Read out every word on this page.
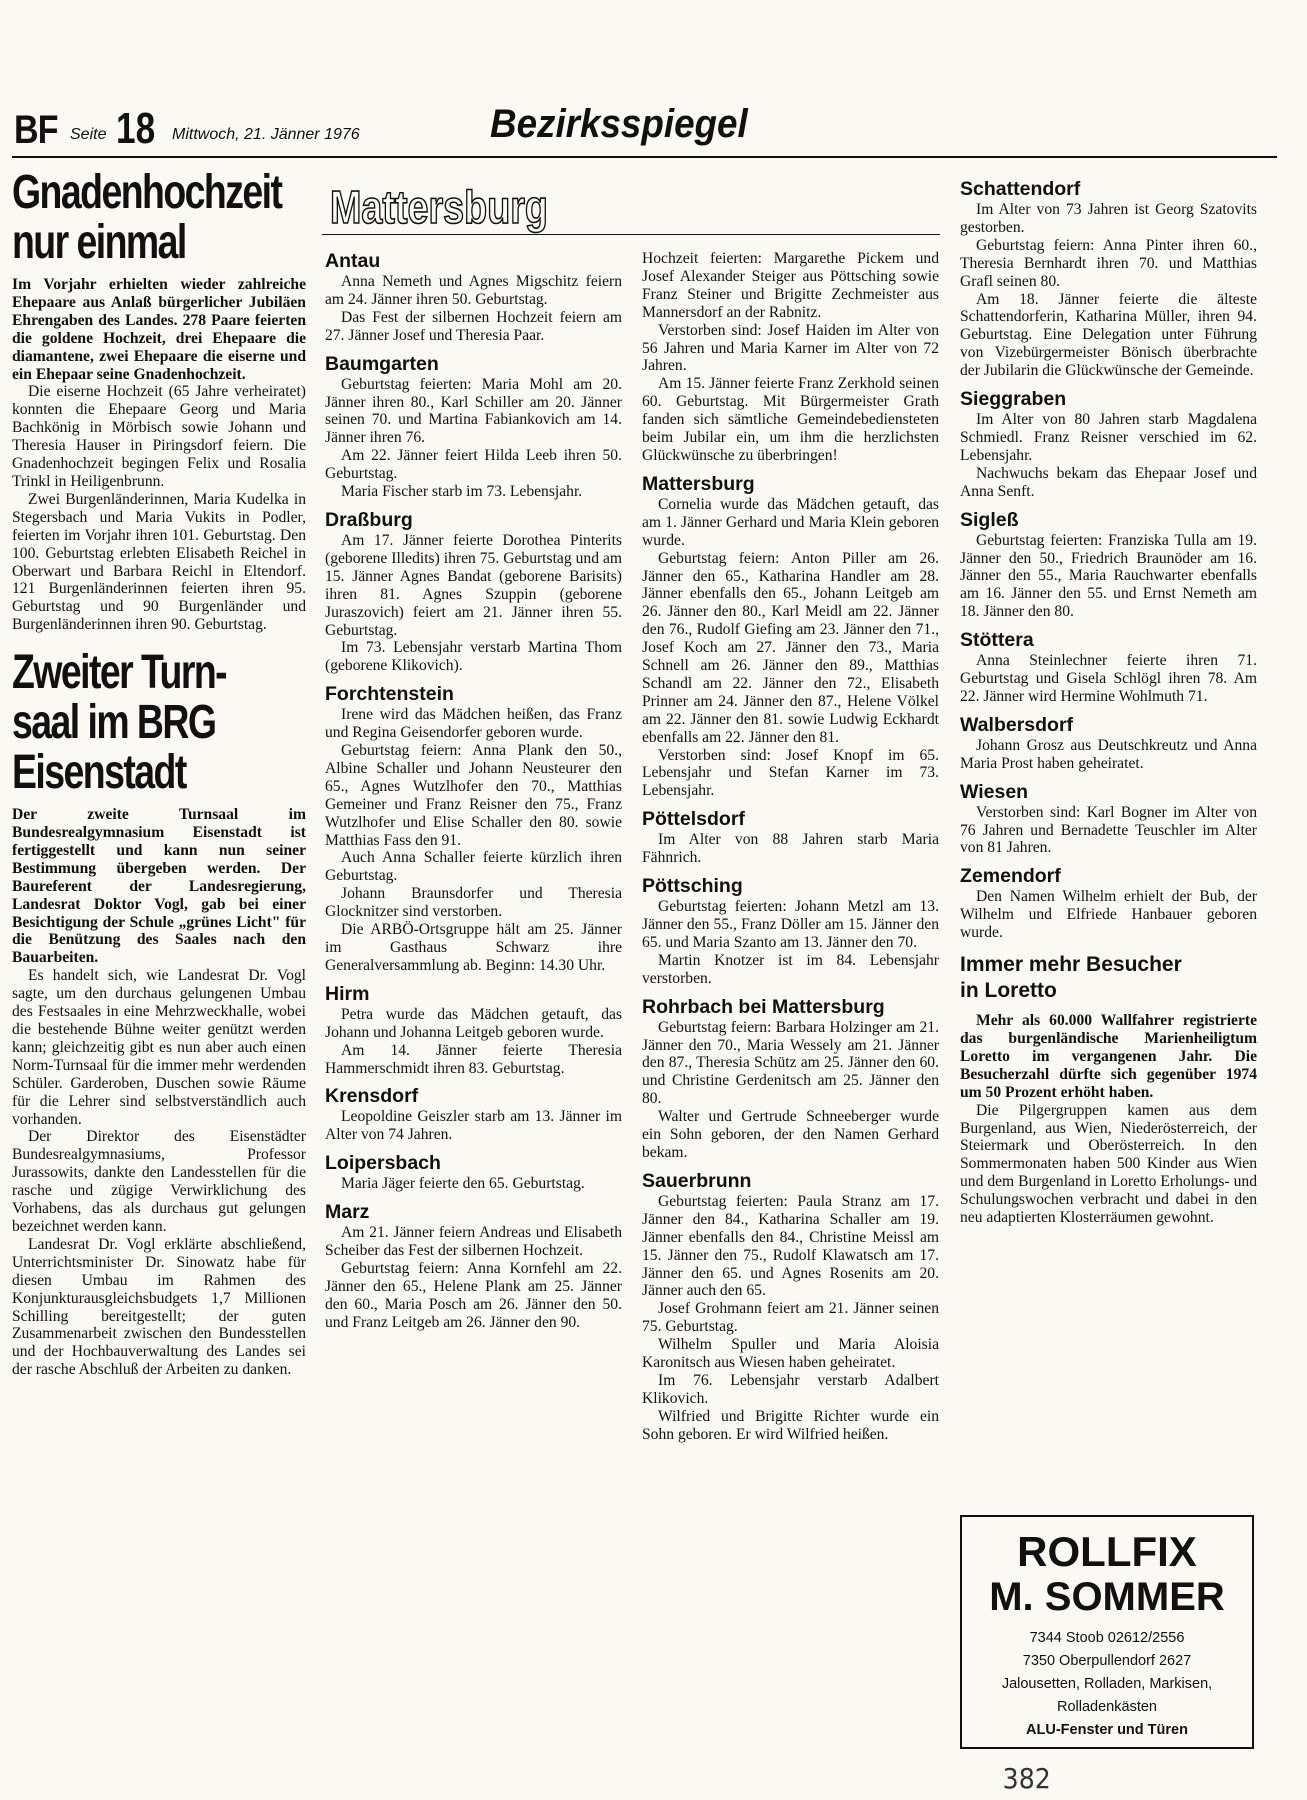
BF Seite 18 Mittwoch, 21. Jänner 1976	Bezirksspiegel
Gnadenhochzeit
nur einmal

Im Vorjahr erhielten wieder zahlreiche Ehepaare aus Anlaß bürgerlicher Jubiläen Ehrengaben des Landes. 278 Paare feierten die goldene Hochzeit, drei Ehepaare die diamantene, zwei Ehepaare die eiserne und ein Ehepaar seine Gnadenhochzeit.

Die eiserne Hochzeit (65 Jahre verheiratet) konnten die Ehepaare Georg und Maria Bachkönig in Mörbisch sowie Johann und Theresia Hauser in Piringsdorf feiern. Die Gnadenhochzeit begingen Felix und Rosalia Trinkl in Heiligenbrunn.

Zwei Burgenländerinnen, Maria Kudelka in Stegersbach und Maria Vukits in Podler, feierten im Vorjahr ihren 101. Geburtstag. Den 100. Geburtstag erlebten Elisabeth Reichel in Oberwart und Barbara Reichl in Eltendorf. 121 Burgenländerinnen feierten ihren 95. Geburtstag und 90 Burgenländer und Burgenländerinnen ihren 90. Geburtstag.

Zweiter Turn-
saal im BRG
Eisenstadt

Der zweite Turnsaal im Bundesrealgymnasium Eisenstadt ist fertiggestellt und kann nun seiner Bestimmung übergeben werden. Der Baureferent der Landesregierung, Landesrat Doktor Vogl, gab bei einer Besichtigung der Schule „grünes Licht" für die Benützung des Saales nach den Bauarbeiten.

Es handelt sich, wie Landesrat Dr. Vogl sagte, um den durchaus gelungenen Umbau des Festsaales in eine Mehrzweckhalle, wobei die bestehende Bühne weiter genützt werden kann; gleichzeitig gibt es nun aber auch einen Norm-Turnsaal für die immer mehr werdenden Schüler. Garderoben, Duschen sowie Räume für die Lehrer sind selbstverständlich auch vorhanden.

Der Direktor des Eisenstädter Bundesrealgymnasiums, Professor Jurassowits, dankte den Landesstellen für die rasche und zügige Verwirklichung des Vorhabens, das als durchaus gut gelungen bezeichnet werden kann.

Landesrat Dr. Vogl erklärte abschließend, Unterrichtsminister Dr. Sinowatz habe für diesen Umbau im Rahmen des Konjunkturausgleichsbudgets 1,7 Millionen Schilling bereitgestellt; der guten Zusammenarbeit zwischen den Bundesstellen und der Hochbauverwaltung des Landes sei der rasche Abschluß der Arbeiten zu danken.

Mattersburg
Antau

Anna Nemeth und Agnes Migschitz feiern am 24. Jänner ihren 50. Geburtstag.

Das Fest der silbernen Hochzeit feiern am 27. Jänner Josef und Theresia Paar.

Baumgarten

Geburtstag feierten: Maria Mohl am 20. Jänner ihren 80., Karl Schiller am 20. Jänner seinen 70. und Martina Fabiankovich am 14. Jänner ihren 76.

Am 22. Jänner feiert Hilda Leeb ihren 50. Geburtstag.

Maria Fischer starb im 73. Lebensjahr.

Draßburg

Am 17. Jänner feierte Dorothea Pinterits (geborene Illedits) ihren 75. Geburtstag und am 15. Jänner Agnes Bandat (geborene Barisits) ihren 81. Agnes Szuppin (geborene Juraszovich) feiert am 21. Jänner ihren 55. Geburtstag.

Im 73. Lebensjahr verstarb Martina Thom (geborene Klikovich).

Forchtenstein

Irene wird das Mädchen heißen, das Franz und Regina Geisendorfer geboren wurde.

Geburtstag feiern: Anna Plank den 50., Albine Schaller und Johann Neusteurer den 65., Agnes Wutzlhofer den 70., Matthias Gemeiner und Franz Reisner den 75., Franz Wutzlhofer und Elise Schaller den 80. sowie Matthias Fass den 91.

Auch Anna Schaller feierte kürzlich ihren Geburtstag.

Johann Braunsdorfer und Theresia Glocknitzer sind verstorben.

Die ARBÖ-Ortsgruppe hält am 25. Jänner im Gasthaus Schwarz ihre Generalversammlung ab. Beginn: 14.30 Uhr.

Hirm

Petra wurde das Mädchen getauft, das Johann und Johanna Leitgeb geboren wurde.

Am 14. Jänner feierte Theresia Hammerschmidt ihren 83. Geburtstag.

Krensdorf

Leopoldine Geiszler starb am 13. Jänner im Alter von 74 Jahren.

Loipersbach

Maria Jäger feierte den 65. Geburtstag.

Marz

Am 21. Jänner feiern Andreas und Elisabeth Scheiber das Fest der silbernen Hochzeit.

Geburtstag feiern: Anna Kornfehl am 22. Jänner den 65., Helene Plank am 25. Jänner den 60., Maria Posch am 26. Jänner den 50. und Franz Leitgeb am 26. Jänner den 90.

Hochzeit feierten: Margarethe Pickem und Josef Alexander Steiger aus Pöttsching sowie Franz Steiner und Brigitte Zechmeister aus Mannersdorf an der Rabnitz.

Verstorben sind: Josef Haiden im Alter von 56 Jahren und Maria Karner im Alter von 72 Jahren.

Am 15. Jänner feierte Franz Zerkhold seinen 60. Geburtstag. Mit Bürgermeister Grath fanden sich sämtliche Gemeindebediensteten beim Jubilar ein, um ihm die herzlichsten Glückwünsche zu überbringen!

Mattersburg

Cornelia wurde das Mädchen getauft, das am 1. Jänner Gerhard und Maria Klein geboren wurde.

Geburtstag feiern: Anton Piller am 26. Jänner den 65., Katharina Handler am 28. Jänner ebenfalls den 65., Johann Leitgeb am 26. Jänner den 80., Karl Meidl am 22. Jänner den 76., Rudolf Giefing am 23. Jänner den 71., Josef Koch am 27. Jänner den 73., Maria Schnell am 26. Jänner den 89., Matthias Schandl am 22. Jänner den 72., Elisabeth Prinner am 24. Jänner den 87., Helene Völkel am 22. Jänner den 81. sowie Ludwig Eckhardt ebenfalls am 22. Jänner den 81.

Verstorben sind: Josef Knopf im 65. Lebensjahr und Stefan Karner im 73. Lebensjahr.

Pöttelsdorf

Im Alter von 88 Jahren starb Maria Fähnrich.

Pöttsching

Geburtstag feierten: Johann Metzl am 13. Jänner den 55., Franz Döller am 15. Jänner den 65. und Maria Szanto am 13. Jänner den 70.

Martin Knotzer ist im 84. Lebensjahr verstorben.

Rohrbach bei Mattersburg

Geburtstag feiern: Barbara Holzinger am 21. Jänner den 70., Maria Wessely am 21. Jänner den 87., Theresia Schütz am 25. Jänner den 60. und Christine Gerdenitsch am 25. Jänner den 80.

Walter und Gertrude Schneeberger wurde ein Sohn geboren, der den Namen Gerhard bekam.

Sauerbrunn

Geburtstag feierten: Paula Stranz am 17. Jänner den 84., Katharina Schaller am 19. Jänner ebenfalls den 84., Christine Meissl am 15. Jänner den 75., Rudolf Klawatsch am 17. Jänner den 65. und Agnes Rosenits am 20. Jänner auch den 65.

Josef Grohmann feiert am 21. Jänner seinen 75. Geburtstag.

Wilhelm Spuller und Maria Aloisia Karonitsch aus Wiesen haben geheiratet.

Im 76. Lebensjahr verstarb Adalbert Klikovich.

Wilfried und Brigitte Richter wurde ein Sohn geboren. Er wird Wilfried heißen.

Schattendorf

Im Alter von 73 Jahren ist Georg Szatovits gestorben.

Geburtstag feiern: Anna Pinter ihren 60., Theresia Bernhardt ihren 70. und Matthias Grafl seinen 80.

Am 18. Jänner feierte die älteste Schattendorferin, Katharina Müller, ihren 94. Geburtstag. Eine Delegation unter Führung von Vizebürgermeister Bönisch überbrachte der Jubilarin die Glückwünsche der Gemeinde.

Sieggraben

Im Alter von 80 Jahren starb Magdalena Schmiedl. Franz Reisner verschied im 62. Lebensjahr.

Nachwuchs bekam das Ehepaar Josef und Anna Senft.

Sigleß

Geburtstag feierten: Franziska Tulla am 19. Jänner den 50., Friedrich Braunöder am 16. Jänner den 55., Maria Rauchwarter ebenfalls am 16. Jänner den 55. und Ernst Nemeth am 18. Jänner den 80.

Stöttera

Anna Steinlechner feierte ihren 71. Geburtstag und Gisela Schlögl ihren 78. Am 22. Jänner wird Hermine Wohlmuth 71.

Walbersdorf

Johann Grosz aus Deutschkreutz und Anna Maria Prost haben geheiratet.

Wiesen

Verstorben sind: Karl Bogner im Alter von 76 Jahren und Bernadette Teuschler im Alter von 81 Jahren.

Zemendorf

Den Namen Wilhelm erhielt der Bub, der Wilhelm und Elfriede Hanbauer geboren wurde.

Immer mehr Besucher
in Loretto

Mehr als 60.000 Wallfahrer registrierte das burgenländische Marienheiligtum Loretto im vergangenen Jahr. Die Besucherzahl dürfte sich gegenüber 1974 um 50 Prozent erhöht haben.

Die Pilgergruppen kamen aus dem Burgenland, aus Wien, Niederösterreich, der Steiermark und Oberösterreich. In den Sommermonaten haben 500 Kinder aus Wien und dem Burgenland in Loretto Erholungs- und Schulungswochen verbracht und dabei in den neu adaptierten Klosterräumen gewohnt.

ROLLFIX
M. SOMMER
7344 Stoob 02612/2556
7350 Oberpullendorf 2627
Jalousetten, Rolladen, Markisen,
Rolladenkästen
ALU-Fenster und Türen
382
